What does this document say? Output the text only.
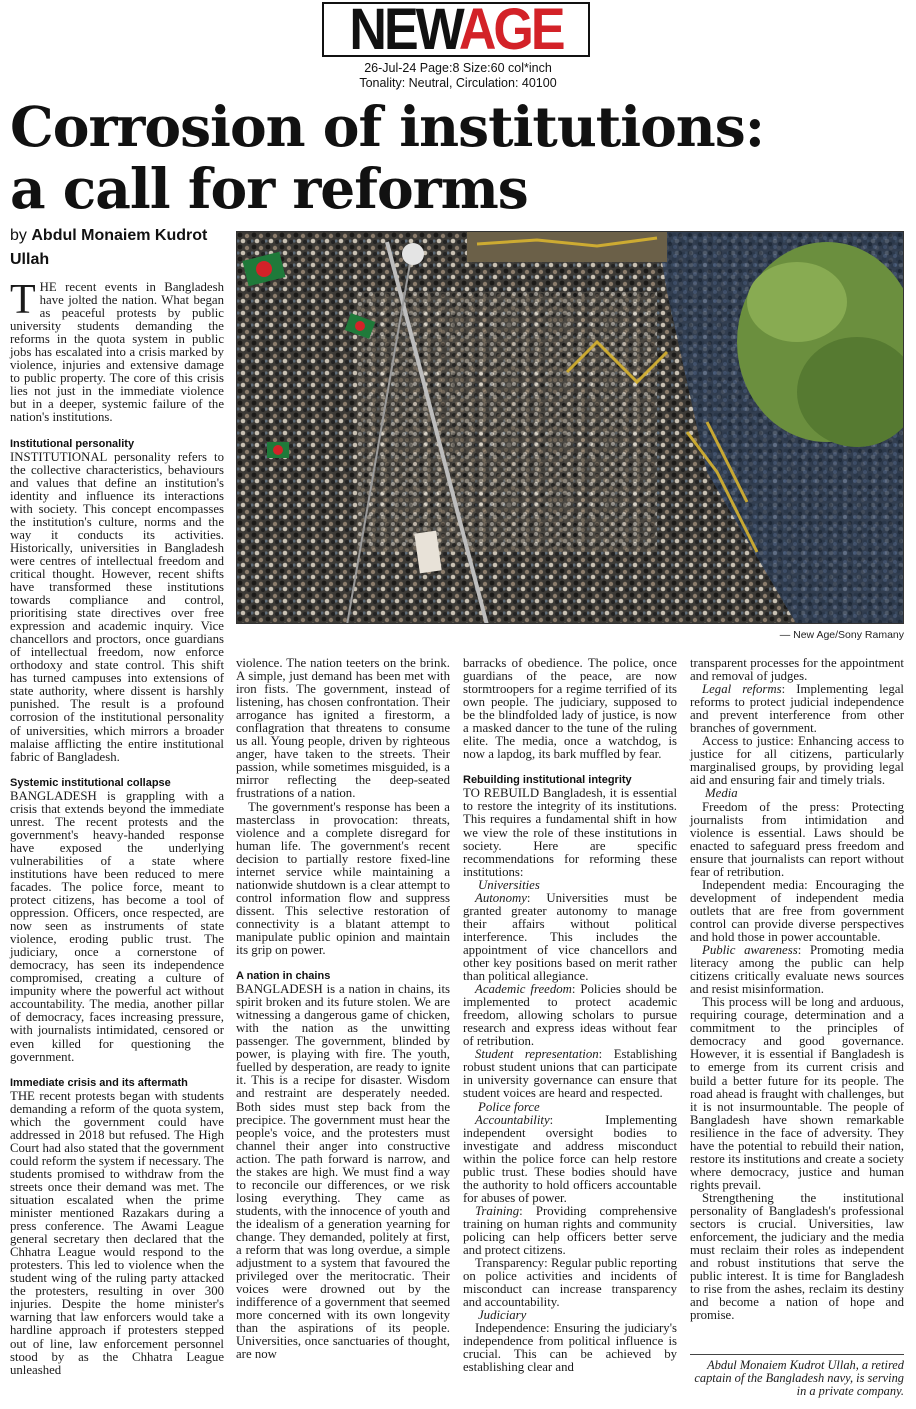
NEWAGE
26-Jul-24 Page:8 Size:60 col*inch
Tonality: Neutral, Circulation: 40100
Corrosion of institutions:
a call for reforms
by Abdul Monaiem Kudrot Ullah
— New Age/Sony Ramany

THE recent events in Bangladesh have jolted the nation. What began as peaceful protests by public university students demanding the reforms in the quota system in public jobs has escalated into a crisis marked by violence, injuries and extensive damage to public property. The core of this crisis lies not just in the immediate violence but in a deeper, systemic failure of the nation's institutions.

Institutional personality

INSTITUTIONAL personality refers to the collective characteristics, behaviours and values that define an institution's identity and influence its interactions with society. This concept encompasses the institution's culture, norms and the way it conducts its activities. Historically, universities in Bangladesh were centres of intellectual freedom and critical thought. However, recent shifts have transformed these institutions towards compliance and control, prioritising state directives over free expression and academic inquiry. Vice chancellors and proctors, once guardians of intellectual freedom, now enforce orthodoxy and state control. This shift has turned campuses into extensions of state authority, where dissent is harshly punished. The result is a profound corrosion of the institutional personality of universities, which mirrors a broader malaise afflicting the entire institutional fabric of Bangladesh.

Systemic institutional collapse

BANGLADESH is grappling with a crisis that extends beyond the immediate unrest. The recent protests and the government's heavy-handed response have exposed the underlying vulnerabilities of a state where institutions have been reduced to mere facades. The police force, meant to protect citizens, has become a tool of oppression. Officers, once respected, are now seen as instruments of state violence, eroding public trust. The judiciary, once a cornerstone of democracy, has seen its independence compromised, creating a culture of impunity where the powerful act without accountability. The media, another pillar of democracy, faces increasing pressure, with journalists intimidated, censored or even killed for questioning the government.

Immediate crisis and its aftermath

THE recent protests began with students demanding a reform of the quota system, which the government could have addressed in 2018 but refused. The High Court had also stated that the government could reform the system if necessary. The students promised to withdraw from the streets once their demand was met. The situation escalated when the prime minister mentioned Razakars during a press conference. The Awami League general secretary then declared that the Chhatra League would respond to the protesters. This led to violence when the student wing of the ruling party attacked the protesters, resulting in over 300 injuries. Despite the home minister's warning that law enforcers would take a hardline approach if protesters stepped out of line, law enforcement personnel stood by as the Chhatra League unleashed

violence. The nation teeters on the brink. A simple, just demand has been met with iron fists. The government, instead of listening, has chosen confrontation. Their arrogance has ignited a firestorm, a conflagration that threatens to consume us all. Young people, driven by righteous anger, have taken to the streets. Their passion, while sometimes misguided, is a mirror reflecting the deep-seated frustrations of a nation.

The government's response has been a masterclass in provocation: threats, violence and a complete disregard for human life. The government's recent decision to partially restore fixed-line internet service while maintaining a nationwide shutdown is a clear attempt to control information flow and suppress dissent. This selective restoration of connectivity is a blatant attempt to manipulate public opinion and maintain its grip on power.

A nation in chains

BANGLADESH is a nation in chains, its spirit broken and its future stolen. We are witnessing a dangerous game of chicken, with the nation as the unwitting passenger. The government, blinded by power, is playing with fire. The youth, fuelled by desperation, are ready to ignite it. This is a recipe for disaster. Wisdom and restraint are desperately needed. Both sides must step back from the precipice. The government must hear the people's voice, and the protesters must channel their anger into constructive action. The path forward is narrow, and the stakes are high. We must find a way to reconcile our differences, or we risk losing everything. They came as students, with the innocence of youth and the idealism of a generation yearning for change. They demanded, politely at first, a reform that was long overdue, a simple adjustment to a system that favoured the privileged over the meritocratic. Their voices were drowned out by the indifference of a government that seemed more concerned with its own longevity than the aspirations of its people. Universities, once sanctuaries of thought, are now

barracks of obedience. The police, once guardians of the peace, are now stormtroopers for a regime terrified of its own people. The judiciary, supposed to be the blindfolded lady of justice, is now a masked dancer to the tune of the ruling elite. The media, once a watchdog, is now a lapdog, its bark muffled by fear.

Rebuilding institutional integrity

TO REBUILD Bangladesh, it is essential to restore the integrity of its institutions. This requires a fundamental shift in how we view the role of these institutions in society. Here are specific recommendations for reforming these institutions:

Universities

Autonomy: Universities must be granted greater autonomy to manage their affairs without political interference. This includes the appointment of vice chancellors and other key positions based on merit rather than political allegiance.

Academic freedom: Policies should be implemented to protect academic freedom, allowing scholars to pursue research and express ideas without fear of retribution.

Student representation: Establishing robust student unions that can participate in university governance can ensure that student voices are heard and respected.

Police force

Accountability: Implementing independent oversight bodies to investigate and address misconduct within the police force can help restore public trust. These bodies should have the authority to hold officers accountable for abuses of power.

Training: Providing comprehensive training on human rights and community policing can help officers better serve and protect citizens.

Transparency: Regular public reporting on police activities and incidents of misconduct can increase transparency and accountability.

Judiciary

Independence: Ensuring the judiciary's independence from political influence is crucial. This can be achieved by establishing clear and

transparent processes for the appointment and removal of judges.

Legal reforms: Implementing legal reforms to protect judicial independence and prevent interference from other branches of government.

Access to justice: Enhancing access to justice for all citizens, particularly marginalised groups, by providing legal aid and ensuring fair and timely trials.

Media

Freedom of the press: Protecting journalists from intimidation and violence is essential. Laws should be enacted to safeguard press freedom and ensure that journalists can report without fear of retribution.

Independent media: Encouraging the development of independent media outlets that are free from government control can provide diverse perspectives and hold those in power accountable.

Public awareness: Promoting media literacy among the public can help citizens critically evaluate news sources and resist misinformation.

This process will be long and arduous, requiring courage, determination and a commitment to the principles of democracy and good governance. However, it is essential if Bangladesh is to emerge from its current crisis and build a better future for its people. The road ahead is fraught with challenges, but it is not insurmountable. The people of Bangladesh have shown remarkable resilience in the face of adversity. They have the potential to rebuild their nation, restore its institutions and create a society where democracy, justice and human rights prevail.

Strengthening the institutional personality of Bangladesh's professional sectors is crucial. Universities, law enforcement, the judiciary and the media must reclaim their roles as independent and robust institutions that serve the public interest. It is time for Bangladesh to rise from the ashes, reclaim its destiny and become a nation of hope and promise.

Abdul Monaiem Kudrot Ullah, a retired captain of the Bangladesh navy, is serving in a private company.
